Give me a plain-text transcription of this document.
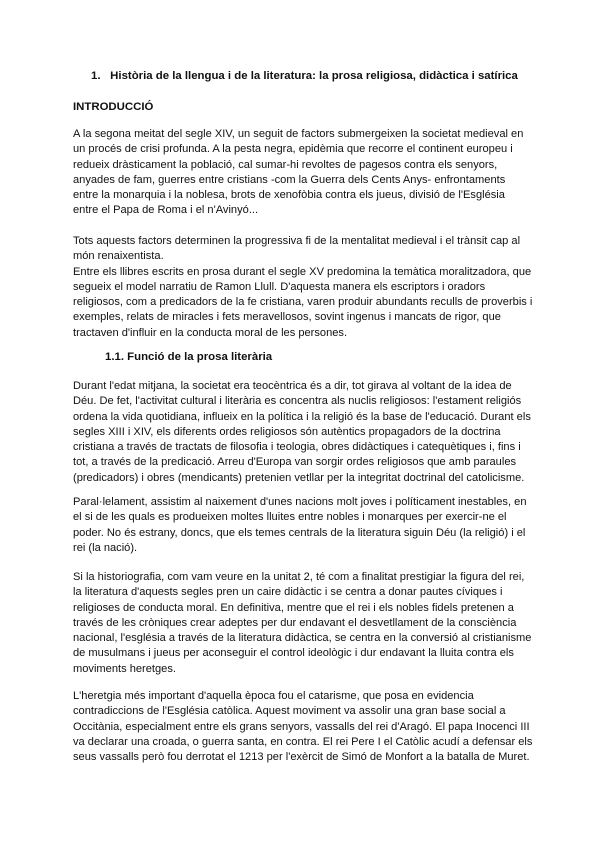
1. Història de la llengua i de la literatura: la prosa religiosa, didàctica i satírica
INTRODUCCIÓ

A la segona meitat del segle XIV, un seguit de factors submergeixen la societat medieval en un procés de crisi profunda. A la pesta negra, epidèmia que recorre el continent europeu i redueix dràsticament la població, cal sumar-hi revoltes de pagesos contra els senyors, anyades de fam, guerres entre cristians -com la Guerra dels Cents Anys- enfrontaments entre la monarquia i la noblesa, brots de xenofòbia contra els jueus, divisió de l'Església entre el Papa de Roma i el n'Avinyó...

Tots aquests factors determinen la progressiva fi de la mentalitat medieval i el trànsit cap al món renaixentista.

Entre els llibres escrits en prosa durant el segle XV predomina la temàtica moralitzadora, que segueix el model narratiu de Ramon Llull. D'aquesta manera els escriptors i oradors religiosos, com a predicadors de la fe cristiana, varen produir abundants reculls de proverbis i exemples, relats de miracles i fets meravellosos, sovint ingenus i mancats de rigor, que tractaven d'influir en la conducta moral de les persones.

1.1. Funció de la prosa literària

Durant l'edat mitjana, la societat era teocèntrica és a dir, tot girava al voltant de la idea de Déu. De fet, l'activitat cultural i literària es concentra als nuclis religiosos: l'estament religiós ordena la vida quotidiana, influeix en la política i la religió és la base de l'educació. Durant els segles XIII i XIV, els diferents ordes religiosos són autèntics propagadors de la doctrina cristiana a través de tractats de filosofia i teologia, obres didàctiques i catequètiques i, fins i tot, a través de la predicació. Arreu d'Europa van sorgir ordes religiosos que amb paraules (predicadors) i obres (mendicants) pretenien vetllar per la integritat doctrinal del catolicisme.

Paral·lelament, assistim al naixement d'unes nacions molt joves i políticament inestables, en el si de les quals es produeixen moltes lluites entre nobles i monarques per exercir-ne el poder. No és estrany, doncs, que els temes centrals de la literatura siguin Déu (la religió) i el rei (la nació).

Si la historiografia, com vam veure en la unitat 2, té com a finalitat prestigiar la figura del rei, la literatura d'aquests segles pren un caire didàctic i se centra a donar pautes cíviques i religioses de conducta moral. En definitiva, mentre que el rei i els nobles fidels pretenen a través de les cròniques crear adeptes per dur endavant el desvetllament de la consciència nacional, l'església a través de la literatura didàctica, se centra en la conversió al cristianisme de musulmans i jueus per aconseguir el control ideològic i dur endavant la lluita contra els moviments heretges.

L'heretgia més important d'aquella època fou el catarisme, que posa en evidencia contradiccions de l'Església catòlica. Aquest moviment va assolir una gran base social a Occitània, especialment entre els grans senyors, vassalls del rei d'Aragó. El papa Inocenci III va declarar una croada, o guerra santa, en contra. El rei Pere I el Catòlic acudí a defensar els seus vassalls però fou derrotat el 1213 per l'exèrcit de Simó de Monfort a la batalla de Muret.
